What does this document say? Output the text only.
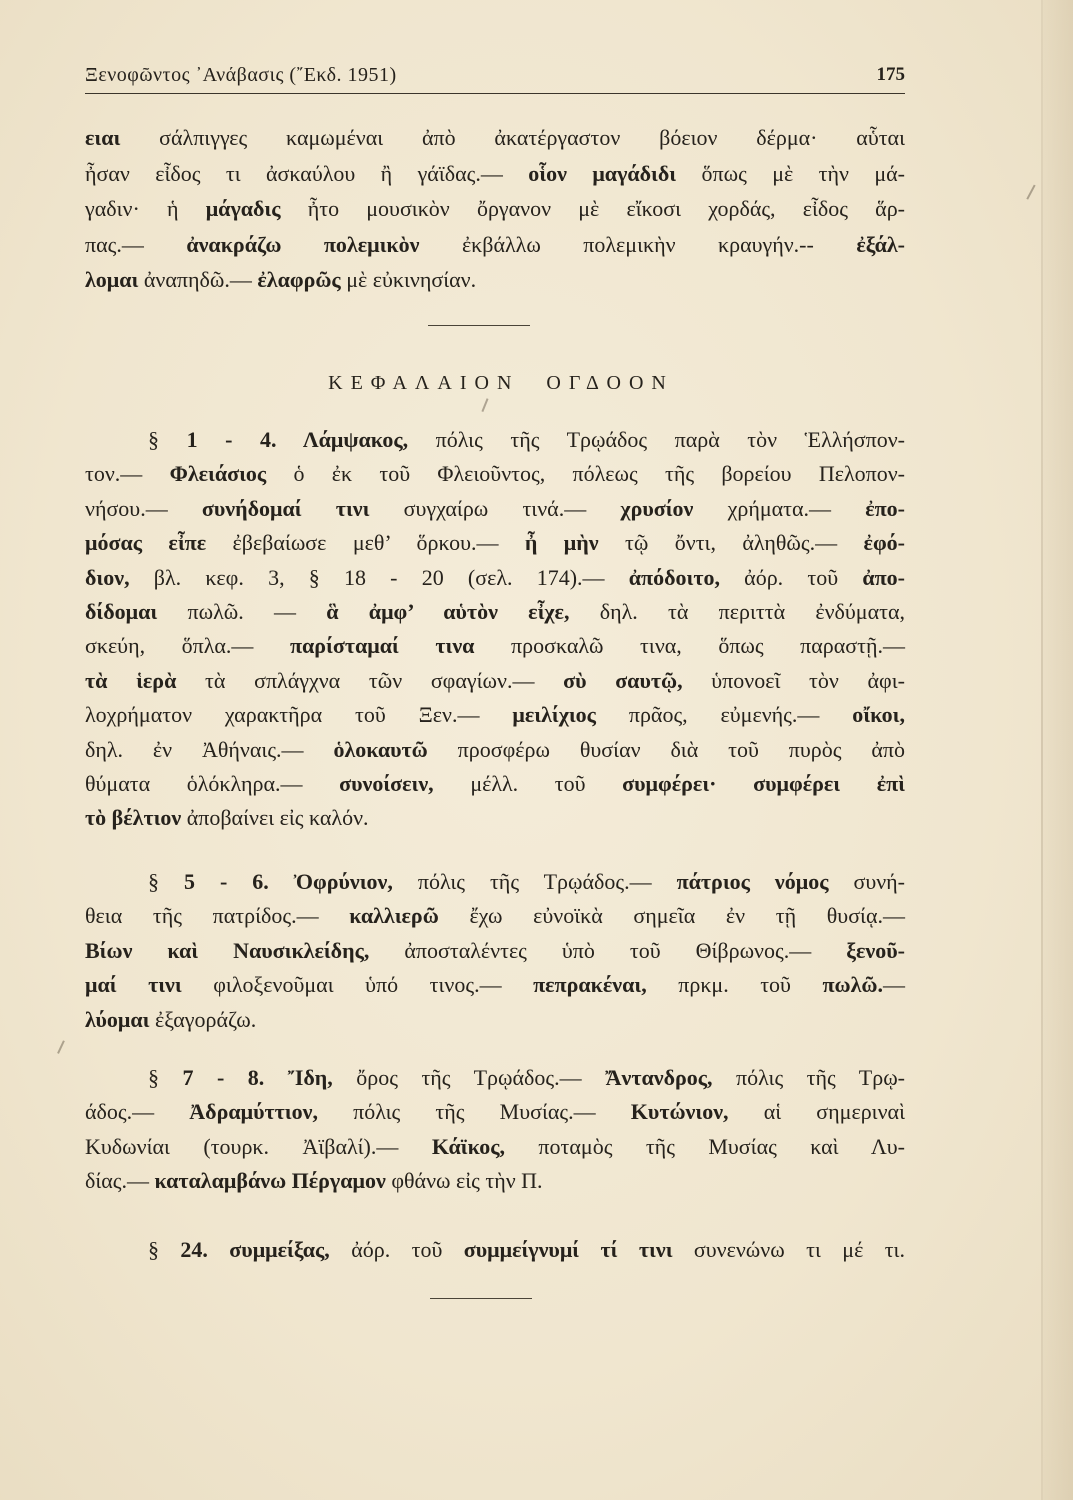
Ξενοφῶντος ᾿Ανάβασις (῎Εκδ. 1951)	175
ειαι σάλπιγγες καμωμέναι ἀπὸ ἀκατέργαστον βόειον δέρμα· αὗται
ἦσαν εἶδος τι ἀσκαύλου ἢ γάϊδας.— οἷον μαγάδιδι ὅπως μὲ τὴν μά-
γαδιν· ἡ μάγαδις ἦτο μουσικὸν ὄργανον μὲ εἴκοσι χορδάς, εἶδος ἅρ-
πας.— ἀνακράζω πολεμικὸν ἐκβάλλω πολεμικὴν κραυγήν.-- ἐξάλ-
λομαι ἀναπηδῶ.— ἐλαφρῶς μὲ εὐκινησίαν.
ΚΕΦΑΛΑΙΟΝ ΟΓΔΟΟΝ
§ 1 - 4. Λάμψακος, πόλις τῆς Τρῳάδος παρὰ τὸν Ἑλλήσπον-
τον.— Φλειάσιος ὁ ἐκ τοῦ Φλειοῦντος, πόλεως τῆς βορείου Πελοπον-
νήσου.— συνήδομαί τινι συγχαίρω τινά.— χρυσίον χρήματα.— ἐπο-
μόσας εἶπε ἐβεβαίωσε μεθ’ ὅρκου.— ἦ μὴν τῷ ὄντι, ἀληθῶς.— ἐφό-
διον, βλ. κεφ. 3, § 18 - 20 (σελ. 174).— ἀπόδοιτο, ἀόρ. τοῦ ἀπο-
δίδομαι πωλῶ. — ἃ ἀμφ’ αὑτὸν εἶχε, δηλ. τὰ περιττὰ ἐνδύματα,
σκεύη, ὅπλα.— παρίσταμαί τινα προσκαλῶ τινα, ὅπως παραστῇ.—
τὰ ἱερὰ τὰ σπλάγχνα τῶν σφαγίων.— σὺ σαυτῷ, ὑπονοεῖ τὸν ἀφι-
λοχρήματον χαρακτῆρα τοῦ Ξεν.— μειλίχιος πρᾶος, εὐμενής.— οἴκοι,
δηλ. ἐν Ἀθήναις.— ὁλοκαυτῶ προσφέρω θυσίαν διὰ τοῦ πυρὸς ἀπὸ
θύματα ὁλόκληρα.— συνοίσειν, μέλλ. τοῦ συμφέρει· συμφέρει ἐπὶ
τὸ βέλτιον ἀποβαίνει εἰς καλόν.
§ 5 - 6. Ὀφρύνιον, πόλις τῆς Τρῳάδος.— πάτριος νόμος συνή-
θεια τῆς πατρίδος.— καλλιερῶ ἔχω εὐνοϊκὰ σημεῖα ἐν τῇ θυσίᾳ.—
Βίων καὶ Ναυσικλείδης, ἀποσταλέντες ὑπὸ τοῦ Θίβρωνος.— ξενοῦ-
μαί τινι φιλοξενοῦμαι ὑπό τινος.— πεπρακέναι, πρκμ. τοῦ πωλῶ.—
λύομαι ἐξαγοράζω.
§ 7 - 8. Ἴδη, ὄρος τῆς Τρῳάδος.— Ἄντανδρος, πόλις τῆς Τρῳ-
άδος.— Ἀδραμύττιον, πόλις τῆς Μυσίας.— Κυτώνιον, αἱ σημεριναὶ
Κυδωνίαι (τουρκ. Ἀϊβαλί).— Κάϊκος, ποταμὸς τῆς Μυσίας καὶ Λυ-
δίας.— καταλαμβάνω Πέργαμον φθάνω εἰς τὴν Π.
§ 24. συμμείξας, ἀόρ. τοῦ συμμείγνυμί τί τινι συνενώνω τι μέ τι.
